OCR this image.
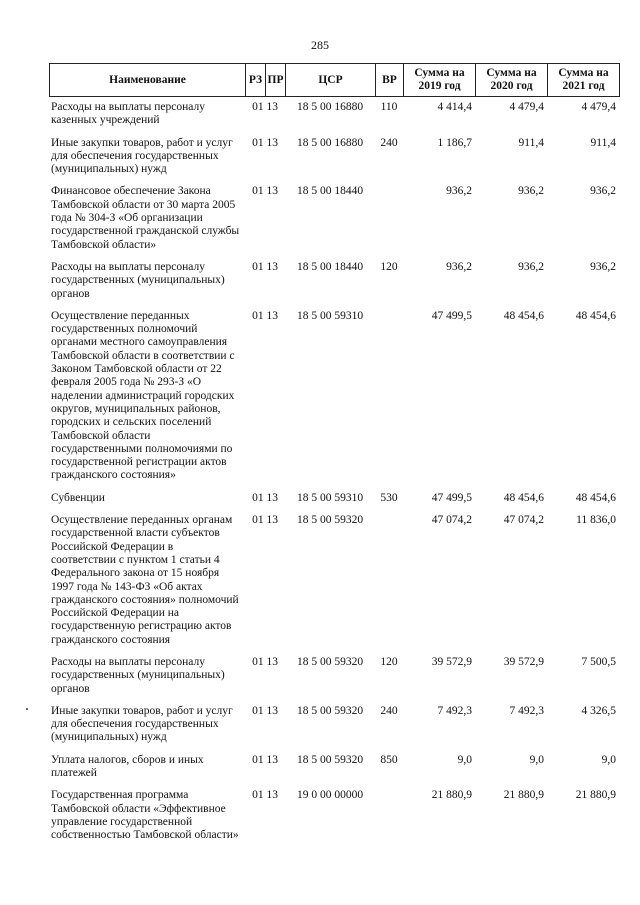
285
Наименование	РЗ	ПР	ЦСР	ВР	Сумма на 2019 год	Сумма на 2020 год	Сумма на 2021 год
Расходы на выплаты персоналу казенных учреждений	01 13	18 5 00 16880	110	4 414,4	4 479,4	4 479,4
Иные закупки товаров, работ и услуг для обеспечения государственных (муниципальных) нужд	01 13	18 5 00 16880	240	1 186,7	911,4	911,4
Финансовое обеспечение Закона Тамбовской области от 30 марта 2005 года № 304-З «Об организации государственной гражданской службы Тамбовской области»	01 13	18 5 00 18440		936,2	936,2	936,2
Расходы на выплаты персоналу государственных (муниципальных) органов	01 13	18 5 00 18440	120	936,2	936,2	936,2
Осуществление переданных государственных полномочий органами местного самоуправления Тамбовской области в соответствии с Законом Тамбовской области от 22 февраля 2005 года № 293-З «О наделении администраций городских округов, муниципальных районов, городских и сельских поселений Тамбовской области государственными полномочиями по государственной регистрации актов гражданского состояния»	01 13	18 5 00 59310		47 499,5	48 454,6	48 454,6
Субвенции	01 13	18 5 00 59310	530	47 499,5	48 454,6	48 454,6
Осуществление переданных органам государственной власти субъектов Российской Федерации в соответствии с пунктом 1 статьи 4 Федерального закона от 15 ноября 1997 года № 143-ФЗ «Об актах гражданского состояния» полномочий Российской Федерации на государственную регистрацию актов гражданского состояния	01 13	18 5 00 59320		47 074,2	47 074,2	11 836,0
Расходы на выплаты персоналу государственных (муниципальных) органов	01 13	18 5 00 59320	120	39 572,9	39 572,9	7 500,5
Иные закупки товаров, работ и услуг для обеспечения государственных (муниципальных) нужд	01 13	18 5 00 59320	240	7 492,3	7 492,3	4 326,5
Уплата налогов, сборов и иных платежей	01 13	18 5 00 59320	850	9,0	9,0	9,0
Государственная программа Тамбовской области «Эффективное управление государственной собственностью Тамбовской области»	01 13	19 0 00 00000		21 880,9	21 880,9	21 880,9
